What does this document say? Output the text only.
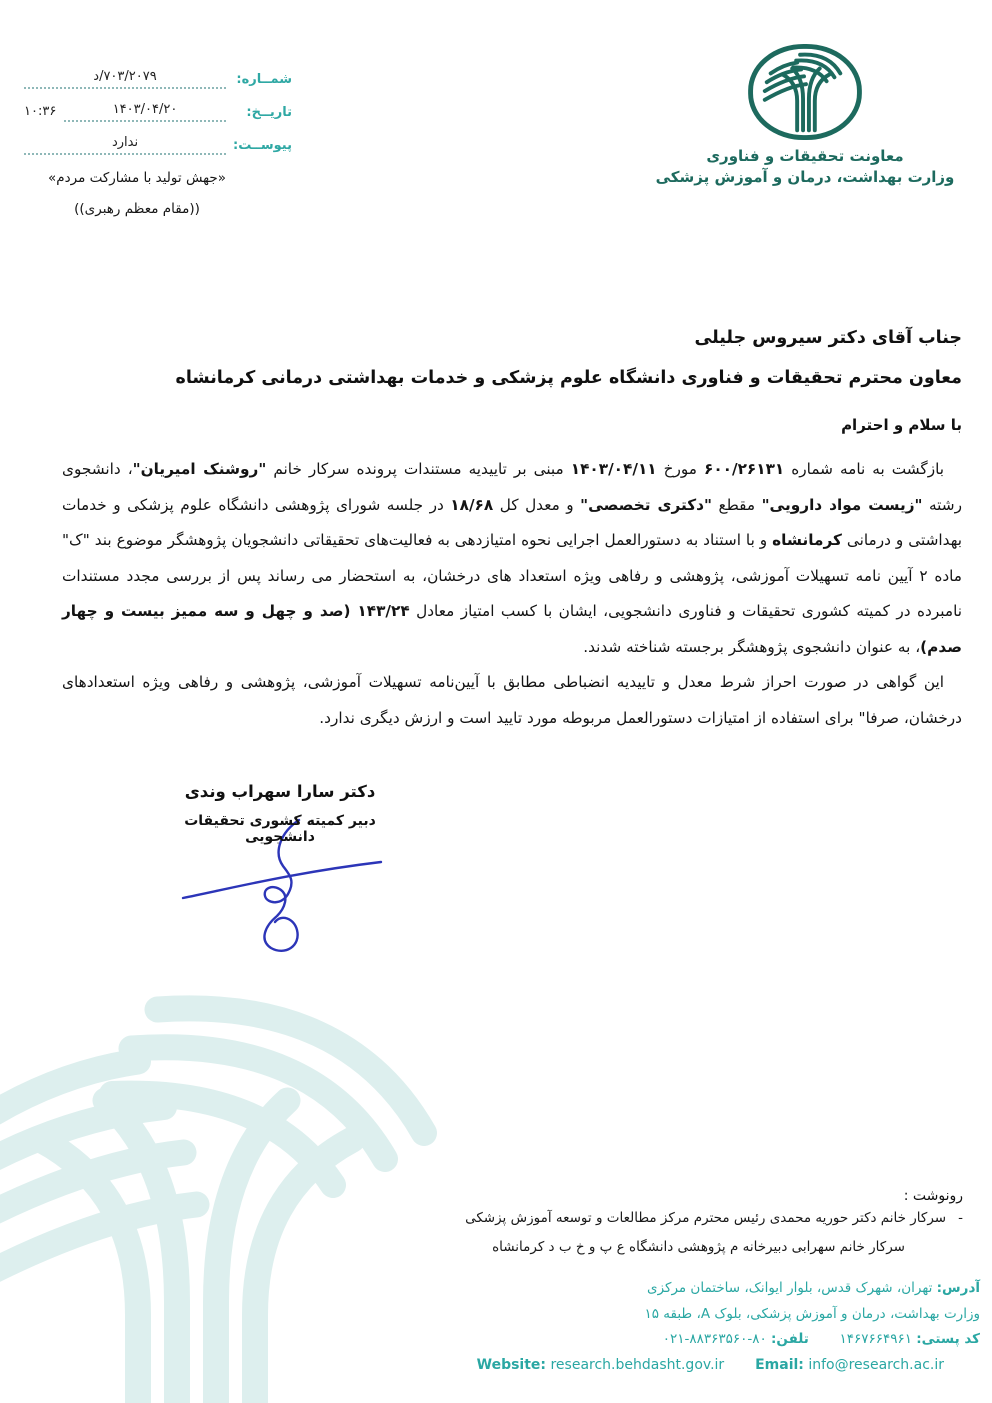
شمــاره:
د/۷۰۳/۲۰۷۹
تاریــخ:
۱۴۰۳/۰۴/۲۰
۱۰:۳۶
پیوســت:
ندارد
«جهش تولید با مشارکت مردم»
((مقام معظم رهبری))
معاونت تحقیقات و فناوری
وزارت بهداشت، درمان و آموزش پزشکی
جناب آقای دکتر سیروس جلیلی
معاون محترم تحقیقات و فناوری دانشگاه علوم پزشکی و خدمات بهداشتی درمانی کرمانشاه
با سلام و احترام

بازگشت به نامه شماره ۶۰۰/۲۶۱۳۱ مورخ ۱۴۰۳/۰۴/۱۱ مبنی بر تاییدیه مستندات پرونده سرکار خانم "روشنک امیریان"، دانشجوی رشته "زیست مواد دارویی" مقطع "دکتری تخصصی" و معدل کل ۱۸/۶۸ در جلسه شورای پژوهشی دانشگاه علوم پزشکی و خدمات بهداشتی و درمانی کرمانشاه و با استناد به دستورالعمل اجرایی نحوه امتیازدهی به فعالیت‌های تحقیقاتی دانشجویان پژوهشگر موضوع بند "ک" ماده ۲ آیین نامه تسهیلات آموزشی، پژوهشی و رفاهی ویژه استعداد های درخشان، به استحضار می رساند پس از بررسی مجدد مستندات نامبرده در کمیته کشوری تحقیقات و فناوری دانشجویی، ایشان با کسب امتیاز معادل ۱۴۳/۲۴ (صد و چهل و سه ممیز بیست و چهار صدم)، به عنوان دانشجوی پژوهشگر برجسته شناخته شدند.

این گواهی در صورت احراز شرط معدل و تاییدیه انضباطی مطابق با آیین‌نامه تسهیلات آموزشی، پژوهشی و رفاهی ویژه استعدادهای درخشان، صرفا" برای استفاده از امتیازات دستورالعمل مربوطه مورد تایید است و ارزش دیگری ندارد.

دکتر سارا سهراب وندی
دبیر کمیته کشوری تحقیقات دانشجویی
رونوشت :
-سرکار خانم دکتر حوریه محمدی رئیس محترم مرکز مطالعات و توسعه آموزش پزشکی
سرکار خانم سهرابی دبیرخانه م پژوهشی دانشگاه ع پ و خ ب د کرمانشاه
آدرس: تهران، شهرک قدس، بلوار ایوانک، ساختمان مرکزی
وزارت بهداشت، درمان و آموزش پزشکی، بلوک A، طبقه ۱۵
کد پستی: ۱۴۶۷۶۶۴۹۶۱  تلفن: ۰۲۱-۸۸۳۶۳۵۶۰-۸۰
Website: research.behdasht.gov.ir Email: info@research.ac.ir
